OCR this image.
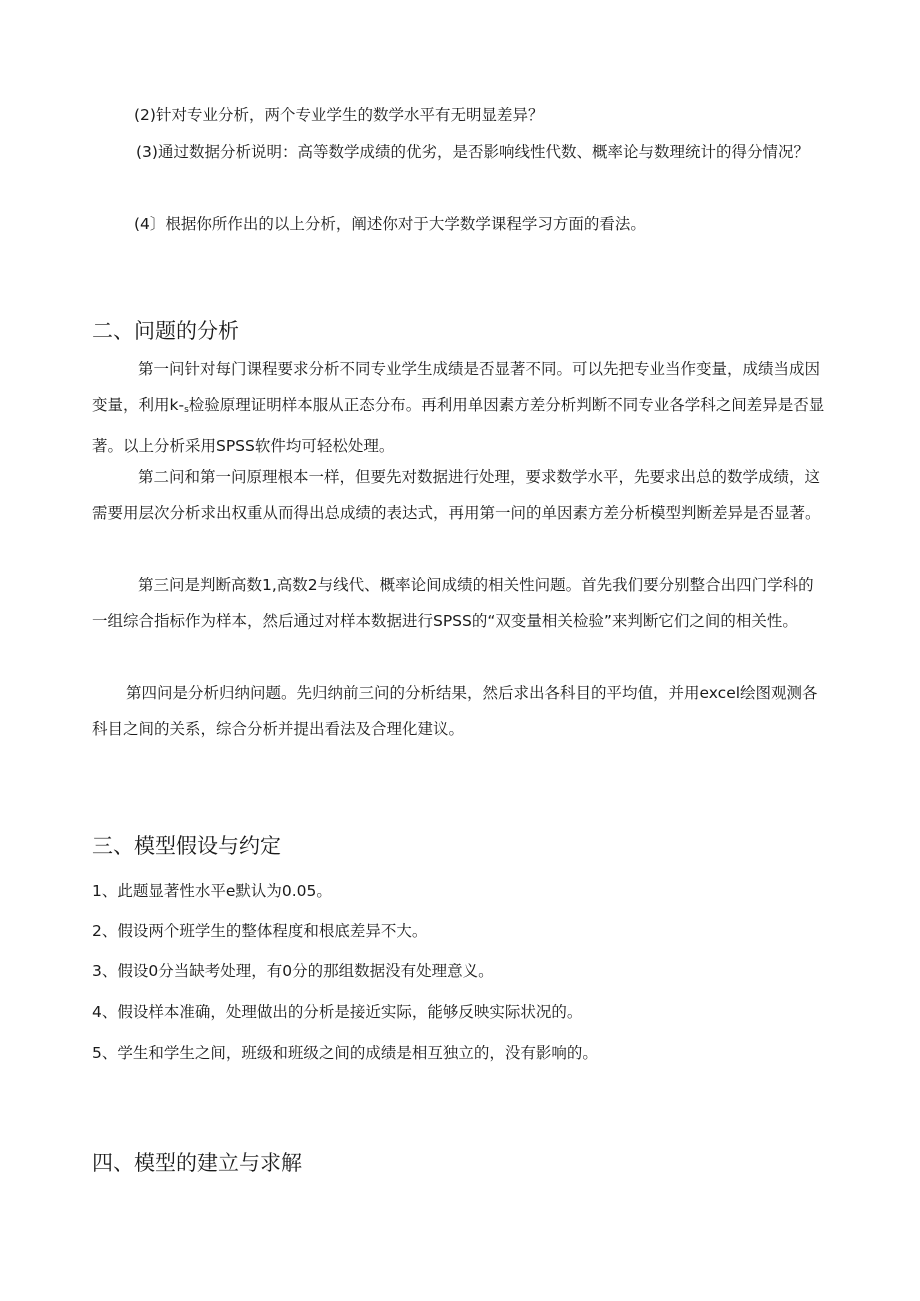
(2)针对专业分析，两个专业学生的数学水平有无明显差异？

(3)通过数据分析说明：高等数学成绩的优劣，是否影响线性代数、概率论与数理统计的得分情况？

(4〕根据你所作出的以上分析，阐述你对于大学数学课程学习方面的看法。

二、问题的分析

第一问针对每门课程要求分析不同专业学生成绩是否显著不同。可以先把专业当作变量，成绩当成因变量，利用$k-_s$检验原理证明样本服从正态分布。再利用单因素方差分析判断不同专业各学科之间差异是否显著。以上分析采用SPSS软件均可轻松处理。

第二问和第一问原理根本一样，但要先对数据进行处理，要求数学水平，先要求出总的数学成绩，这需要用层次分析求出权重从而得出总成绩的表达式，再用第一问的单因素方差分析模型判断差异是否显著。

第三问是判断高数1,高数2与线代、概率论间成绩的相关性问题。首先我们要分别整合出四门学科的一组综合指标作为样本，然后通过对样本数据进行SPSS的“双变量相关检验”来判断它们之间的相关性。

第四问是分析归纳问题。先归纳前三问的分析结果，然后求出各科目的平均值，并用excel绘图观测各科目之间的关系，综合分析并提出看法及合理化建议。

三、模型假设与约定

1、此题显著性水平e默认为0.05。

2、假设两个班学生的整体程度和根底差异不大。

3、假设0分当缺考处理，有0分的那组数据没有处理意义。

4、假设样本准确，处理做出的分析是接近实际，能够反映实际状况的。

5、学生和学生之间，班级和班级之间的成绩是相互独立的，没有影响的。

四、模型的建立与求解
